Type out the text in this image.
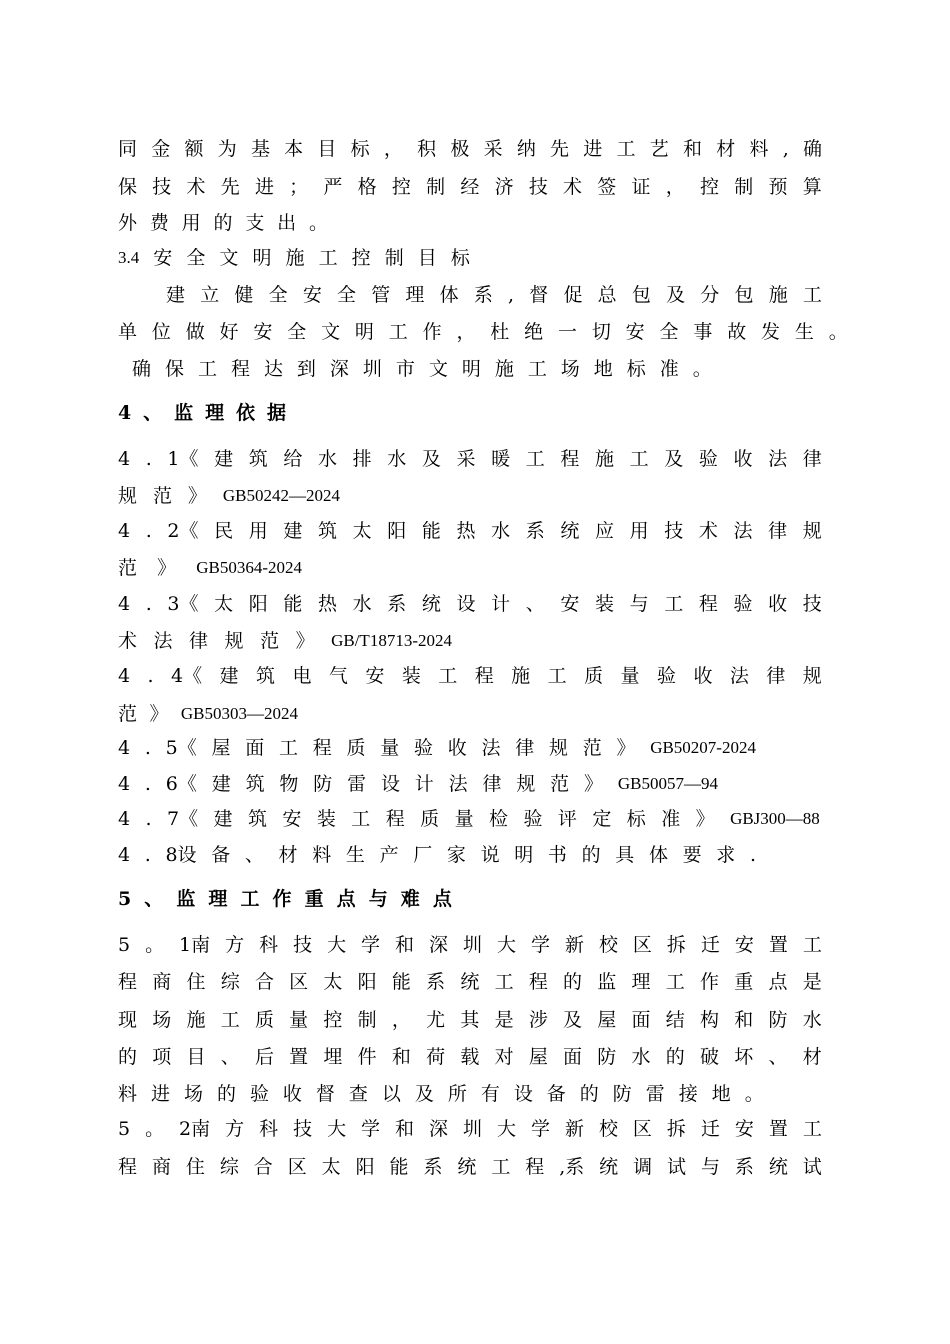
同 金 额 为 基 本 目 标 ， 积 极 采 纳 先 进 工 艺 和 材 料 , 确
保 技 术 先 进 ； 严 格 控 制 经 济 技 术 签 证 ， 控 制 预 算
外 费 用 的 支 出 。
3.4 安 全 文 明 施 工 控 制 目 标
建 立 健 全 安 全 管 理 体 系 , 督 促 总 包 及 分 包 施 工
单 位 做 好 安 全 文 明 工 作 ， 杜 绝 一 切 安 全 事 故 发 生 。
确 保 工 程 达 到 深 圳 市 文 明 施 工 场 地 标 准 。
4 、 监 理 依 据
4 . 1《 建 筑 给 水 排 水 及 采 暖 工 程 施 工 及 验 收 法 律
规 范 》 GB50242—2024
4 . 2《 民 用 建 筑 太 阳 能 热 水 系 统 应 用 技 术 法 律 规
范 》 GB50364-2024
4 . 3《 太 阳 能 热 水 系 统 设 计 、 安 装 与 工 程 验 收 技
术 法 律 规 范 》 GB/T18713-2024
4 . 4《 建 筑 电 气 安 装 工 程 施 工 质 量 验 收 法 律 规
范 》 GB50303—2024
4 . 5《 屋 面 工 程 质 量 验 收 法 律 规 范 》 GB50207-2024
4 . 6《 建 筑 物 防 雷 设 计 法 律 规 范 》 GB50057—94
4 . 7《 建 筑 安 装 工 程 质 量 检 验 评 定 标 准 》 GBJ300—88
4 . 8设 备 、 材 料 生 产 厂 家 说 明 书 的 具 体 要 求 .
5 、 监 理 工 作 重 点 与 难 点
5 。 1南 方 科 技 大 学 和 深 圳 大 学 新 校 区 拆 迁 安 置 工
程 商 住 综 合 区 太 阳 能 系 统 工 程 的 监 理 工 作 重 点 是
现 场 施 工 质 量 控 制 ， 尤 其 是 涉 及 屋 面 结 构 和 防 水
的 项 目 、 后 置 埋 件 和 荷 载 对 屋 面 防 水 的 破 坏 、 材
料 进 场 的 验 收 督 查 以 及 所 有 设 备 的 防 雷 接 地 。
5 。 2南 方 科 技 大 学 和 深 圳 大 学 新 校 区 拆 迁 安 置 工
程 商 住 综 合 区 太 阳 能 系 统 工 程 ,系 统 调 试 与 系 统 试
